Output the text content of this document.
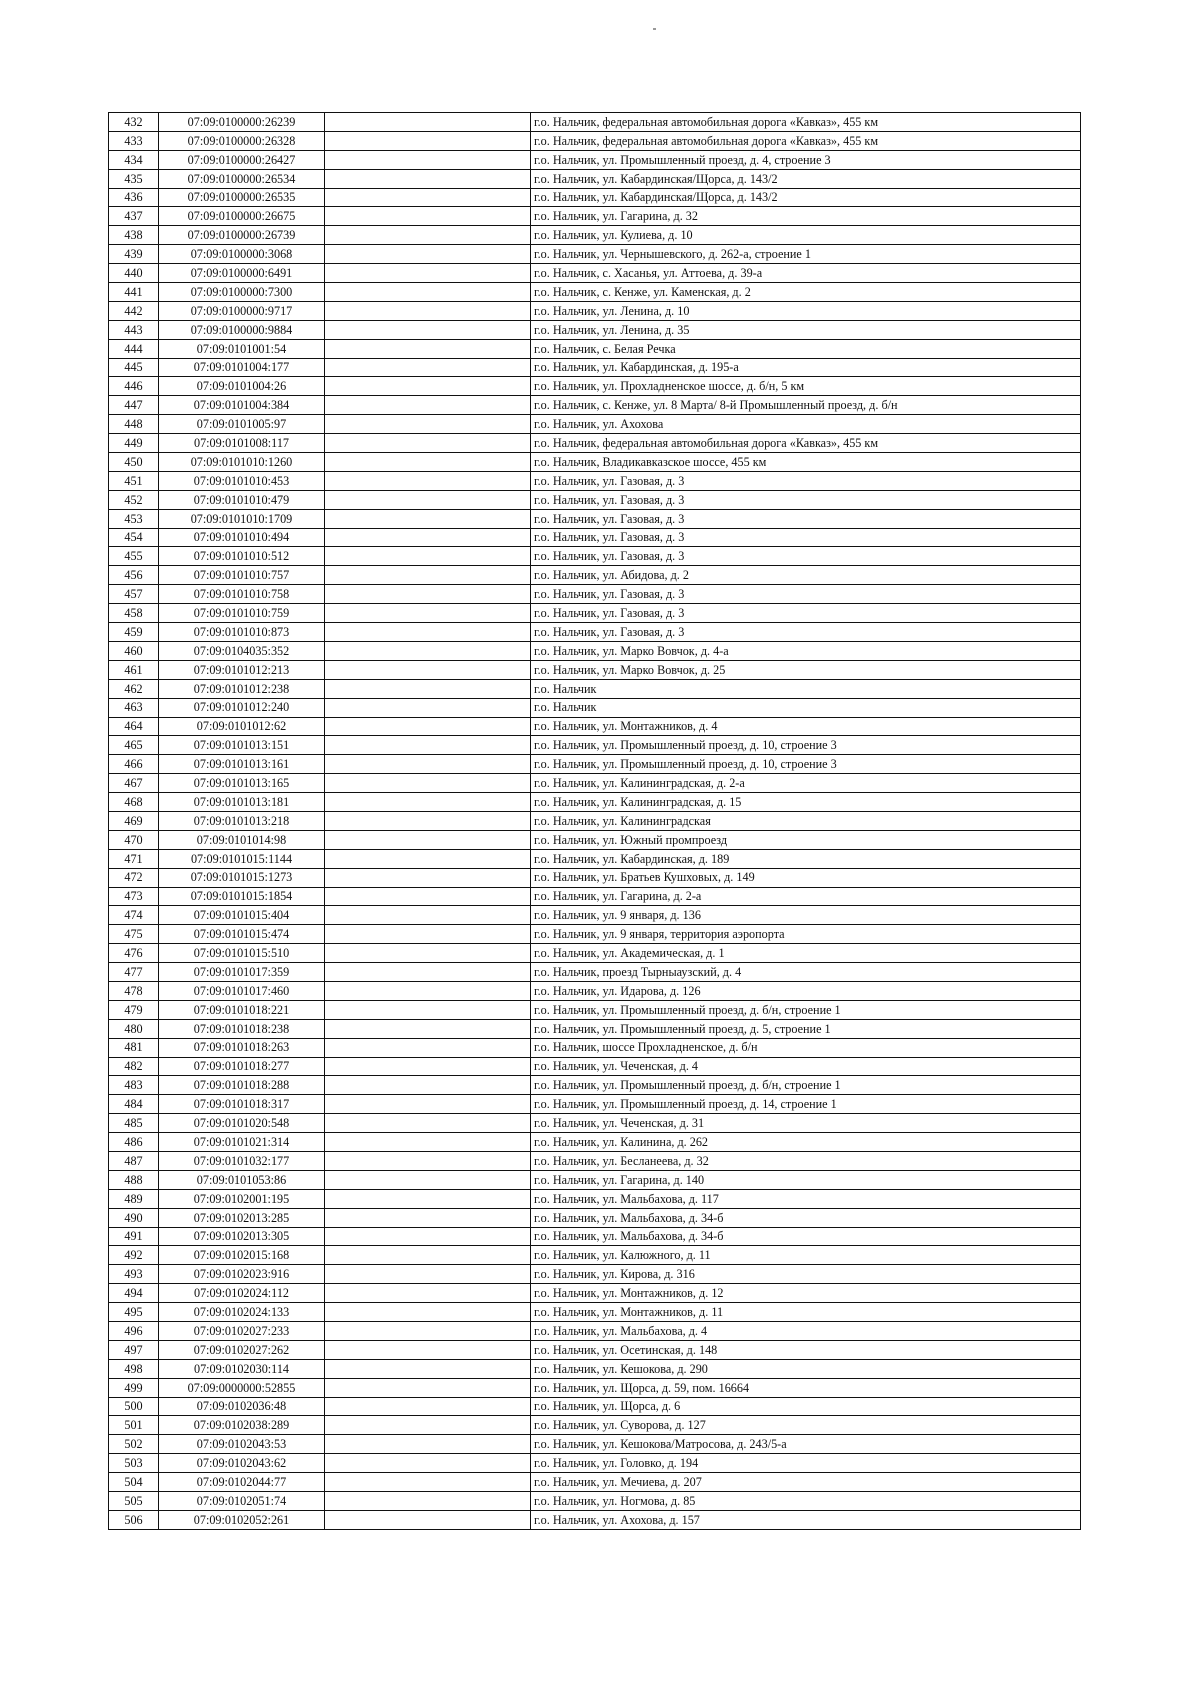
432	07:09:0100000:26239		г.о. Нальчик, федеральная автомобильная дорога «Кавказ», 455 км
433	07:09:0100000:26328		г.о. Нальчик, федеральная автомобильная дорога «Кавказ», 455 км
434	07:09:0100000:26427		г.о. Нальчик, ул. Промышленный проезд, д. 4, строение 3
435	07:09:0100000:26534		г.о. Нальчик, ул. Кабардинская/Щорса, д. 143/2
436	07:09:0100000:26535		г.о. Нальчик, ул. Кабардинская/Щорса, д. 143/2
437	07:09:0100000:26675		г.о. Нальчик, ул. Гагарина, д. 32
438	07:09:0100000:26739		г.о. Нальчик, ул. Кулиева, д. 10
439	07:09:0100000:3068		г.о. Нальчик, ул. Чернышевского, д. 262-а, строение 1
440	07:09:0100000:6491		г.о. Нальчик, с. Хасанья, ул. Аттоева, д. 39-а
441	07:09:0100000:7300		г.о. Нальчик, с. Кенже, ул. Каменская, д. 2
442	07:09:0100000:9717		г.о. Нальчик, ул. Ленина, д. 10
443	07:09:0100000:9884		г.о. Нальчик, ул. Ленина, д. 35
444	07:09:0101001:54		г.о. Нальчик, с. Белая Речка
445	07:09:0101004:177		г.о. Нальчик, ул. Кабардинская, д. 195-а
446	07:09:0101004:26		г.о. Нальчик, ул. Прохладненское шоссе, д. б/н, 5 км
447	07:09:0101004:384		г.о. Нальчик, с. Кенже, ул. 8 Марта/ 8-й Промышленный проезд, д. б/н
448	07:09:0101005:97		г.о. Нальчик, ул. Ахохова
449	07:09:0101008:117		г.о. Нальчик, федеральная автомобильная дорога «Кавказ», 455 км
450	07:09:0101010:1260		г.о. Нальчик, Владикавказское шоссе, 455 км
451	07:09:0101010:453		г.о. Нальчик, ул. Газовая, д. 3
452	07:09:0101010:479		г.о. Нальчик, ул. Газовая, д. 3
453	07:09:0101010:1709		г.о. Нальчик, ул. Газовая, д. 3
454	07:09:0101010:494		г.о. Нальчик, ул. Газовая, д. 3
455	07:09:0101010:512		г.о. Нальчик, ул. Газовая, д. 3
456	07:09:0101010:757		г.о. Нальчик, ул. Абидова, д. 2
457	07:09:0101010:758		г.о. Нальчик, ул. Газовая, д. 3
458	07:09:0101010:759		г.о. Нальчик, ул. Газовая, д. 3
459	07:09:0101010:873		г.о. Нальчик, ул. Газовая, д. 3
460	07:09:0104035:352		г.о. Нальчик, ул. Марко Вовчок, д. 4-а
461	07:09:0101012:213		г.о. Нальчик, ул. Марко Вовчок, д. 25
462	07:09:0101012:238		г.о. Нальчик
463	07:09:0101012:240		г.о. Нальчик
464	07:09:0101012:62		г.о. Нальчик, ул. Монтажников, д. 4
465	07:09:0101013:151		г.о. Нальчик, ул. Промышленный проезд, д. 10, строение 3
466	07:09:0101013:161		г.о. Нальчик, ул. Промышленный проезд, д. 10, строение 3
467	07:09:0101013:165		г.о. Нальчик, ул. Калининградская, д. 2-а
468	07:09:0101013:181		г.о. Нальчик, ул. Калининградская, д. 15
469	07:09:0101013:218		г.о. Нальчик, ул. Калининградская
470	07:09:0101014:98		г.о. Нальчик, ул. Южный промпроезд
471	07:09:0101015:1144		г.о. Нальчик, ул. Кабардинская, д. 189
472	07:09:0101015:1273		г.о. Нальчик, ул. Братьев Кушховых, д. 149
473	07:09:0101015:1854		г.о. Нальчик, ул. Гагарина, д. 2-а
474	07:09:0101015:404		г.о. Нальчик, ул. 9 января, д. 136
475	07:09:0101015:474		г.о. Нальчик, ул. 9 января, территория аэропорта
476	07:09:0101015:510		г.о. Нальчик, ул. Академическая, д. 1
477	07:09:0101017:359		г.о. Нальчик, проезд Тырныаузский, д. 4
478	07:09:0101017:460		г.о. Нальчик, ул. Идарова, д. 126
479	07:09:0101018:221		г.о. Нальчик, ул. Промышленный проезд, д. б/н, строение 1
480	07:09:0101018:238		г.о. Нальчик, ул. Промышленный проезд, д. 5, строение 1
481	07:09:0101018:263		г.о. Нальчик, шоссе Прохладненское, д. б/н
482	07:09:0101018:277		г.о. Нальчик, ул. Чеченская, д. 4
483	07:09:0101018:288		г.о. Нальчик, ул. Промышленный проезд, д. б/н, строение 1
484	07:09:0101018:317		г.о. Нальчик, ул. Промышленный проезд, д. 14, строение 1
485	07:09:0101020:548		г.о. Нальчик, ул. Чеченская, д. 31
486	07:09:0101021:314		г.о. Нальчик, ул. Калинина, д. 262
487	07:09:0101032:177		г.о. Нальчик, ул. Бесланеева, д. 32
488	07:09:0101053:86		г.о. Нальчик, ул. Гагарина, д. 140
489	07:09:0102001:195		г.о. Нальчик, ул. Мальбахова, д. 117
490	07:09:0102013:285		г.о. Нальчик, ул. Мальбахова, д. 34-б
491	07:09:0102013:305		г.о. Нальчик, ул. Мальбахова, д. 34-б
492	07:09:0102015:168		г.о. Нальчик, ул. Калюжного, д. 11
493	07:09:0102023:916		г.о. Нальчик, ул. Кирова, д. 316
494	07:09:0102024:112		г.о. Нальчик, ул. Монтажников, д. 12
495	07:09:0102024:133		г.о. Нальчик, ул. Монтажников, д. 11
496	07:09:0102027:233		г.о. Нальчик, ул. Мальбахова, д. 4
497	07:09:0102027:262		г.о. Нальчик, ул. Осетинская, д. 148
498	07:09:0102030:114		г.о. Нальчик, ул. Кешокова, д. 290
499	07:09:0000000:52855		г.о. Нальчик, ул. Щорса, д. 59, пом. 16664
500	07:09:0102036:48		г.о. Нальчик, ул. Щорса, д. 6
501	07:09:0102038:289		г.о. Нальчик, ул. Суворова, д. 127
502	07:09:0102043:53		г.о. Нальчик, ул. Кешокова/Матросова, д. 243/5-а
503	07:09:0102043:62		г.о. Нальчик, ул. Головко, д. 194
504	07:09:0102044:77		г.о. Нальчик, ул. Мечиева, д. 207
505	07:09:0102051:74		г.о. Нальчик, ул. Ногмова, д. 85
506	07:09:0102052:261		г.о. Нальчик, ул. Ахохова, д. 157
